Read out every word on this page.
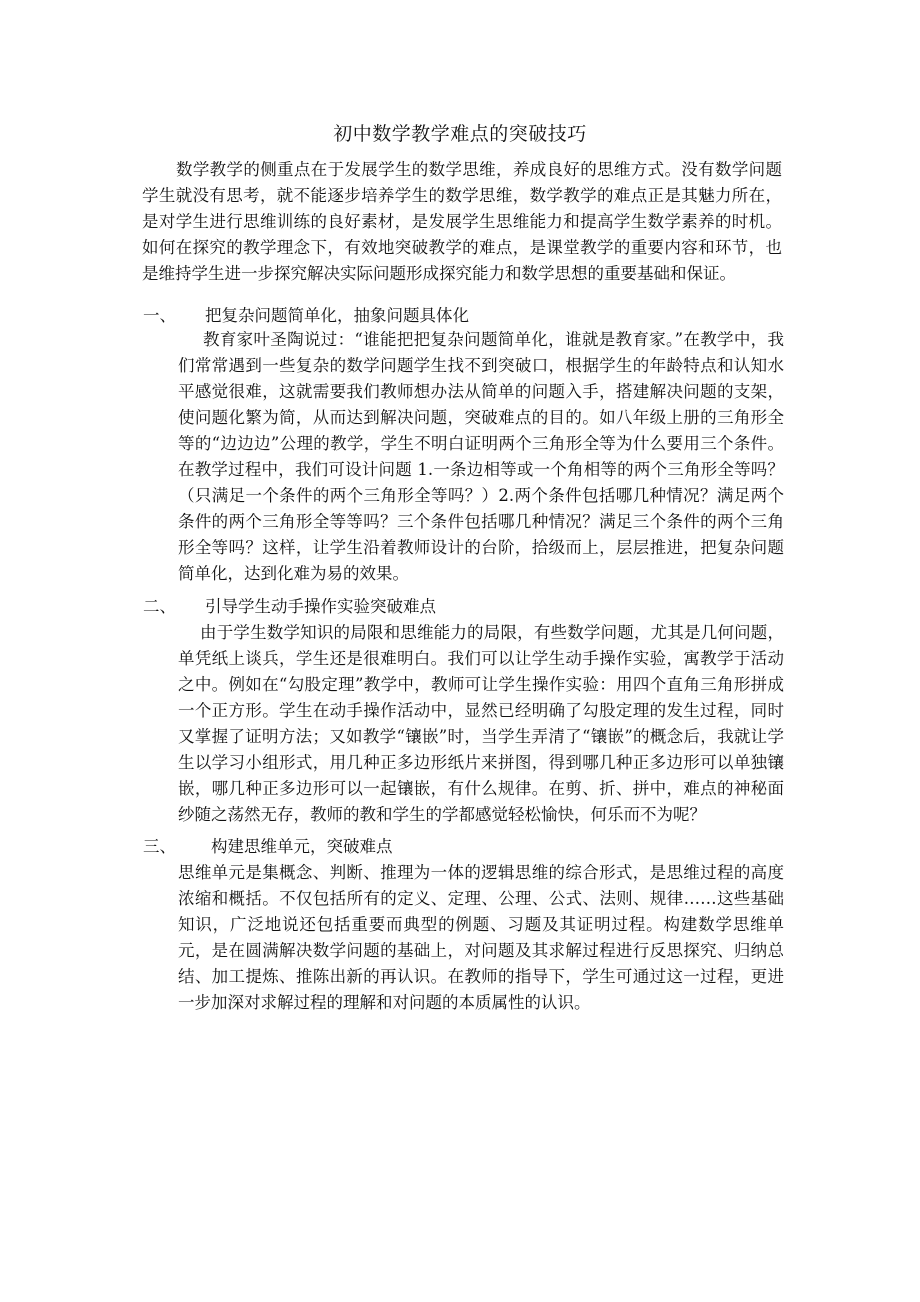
初中数学教学难点的突破技巧

数学教学的侧重点在于发展学生的数学思维，养成良好的思维方式。没有数学问题学生就没有思考，就不能逐步培养学生的数学思维，数学教学的难点正是其魅力所在，是对学生进行思维训练的良好素材，是发展学生思维能力和提高学生数学素养的时机。如何在探究的教学理念下，有效地突破教学的难点，是课堂教学的重要内容和环节，也是维持学生进一步探究解决实际问题形成探究能力和数学思想的重要基础和保证。

一、 把复杂问题简单化，抽象问题具体化

教育家叶圣陶说过：“谁能把把复杂问题简单化，谁就是教育家。”在教学中，我们常常遇到一些复杂的数学问题学生找不到突破口，根据学生的年龄特点和认知水平感觉很难，这就需要我们教师想办法从简单的问题入手，搭建解决问题的支架，使问题化繁为简，从而达到解决问题，突破难点的目的。如八年级上册的三角形全等的“边边边”公理的教学，学生不明白证明两个三角形全等为什么要用三个条件。在教学过程中，我们可设计问题 1.一条边相等或一个角相等的两个三角形全等吗？（只满足一个条件的两个三角形全等吗？）2.两个条件包括哪几种情况？满足两个条件的两个三角形全等等吗？三个条件包括哪几种情况？满足三个条件的两个三角形全等吗？这样，让学生沿着教师设计的台阶，拾级而上，层层推进，把复杂问题简单化，达到化难为易的效果。

二、 引导学生动手操作实验突破难点

由于学生数学知识的局限和思维能力的局限，有些数学问题，尤其是几何问题，单凭纸上谈兵，学生还是很难明白。我们可以让学生动手操作实验，寓教学于活动之中。例如在“勾股定理”教学中，教师可让学生操作实验：用四个直角三角形拼成一个正方形。学生在动手操作活动中，显然已经明确了勾股定理的发生过程，同时又掌握了证明方法；又如教学“镶嵌”时，当学生弄清了“镶嵌”的概念后，我就让学生以学习小组形式，用几种正多边形纸片来拼图，得到哪几种正多边形可以单独镶嵌，哪几种正多边形可以一起镶嵌，有什么规律。在剪、折、拼中，难点的神秘面纱随之荡然无存，教师的教和学生的学都感觉轻松愉快，何乐而不为呢？

三、 构建思维单元，突破难点

思维单元是集概念、判断、推理为一体的逻辑思维的综合形式，是思维过程的高度浓缩和概括。不仅包括所有的定义、定理、公理、公式、法则、规律……这些基础知识，广泛地说还包括重要而典型的例题、习题及其证明过程。构建数学思维单元，是在圆满解决数学问题的基础上，对问题及其求解过程进行反思探究、归纳总结、加工提炼、推陈出新的再认识。在教师的指导下，学生可通过这一过程，更进一步加深对求解过程的理解和对问题的本质属性的认识。
